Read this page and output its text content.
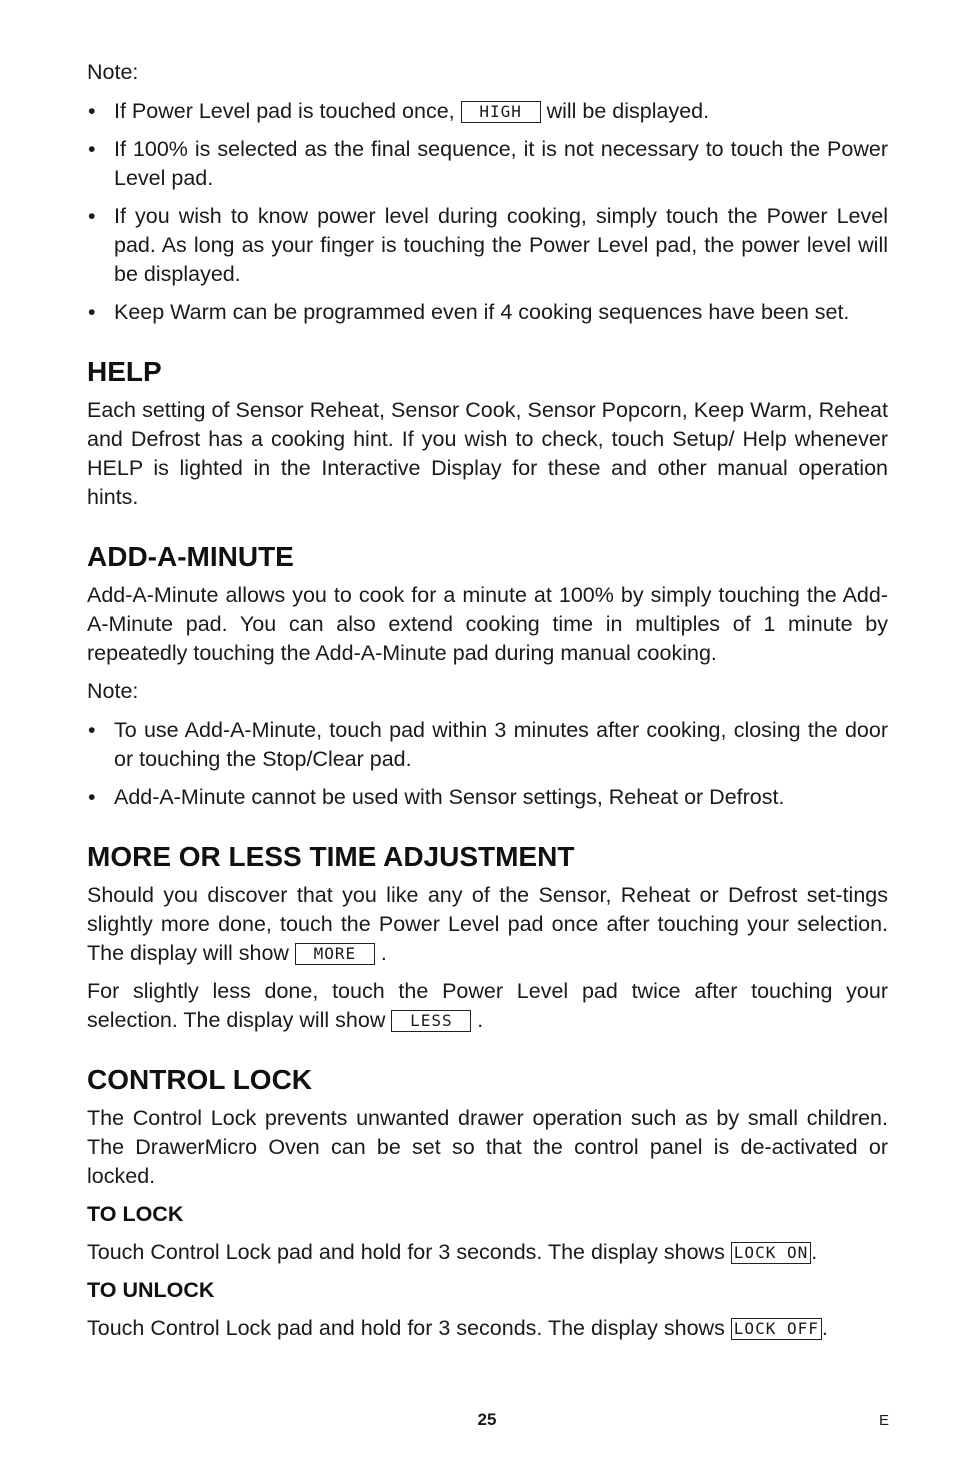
Note:

• If Power Level pad is touched once, HIGH will be displayed.
• If 100% is selected as the final sequence, it is not necessary to touch the Power Level pad.
• If you wish to know power level during cooking, simply touch the Power Level pad. As long as your finger is touching the Power Level pad, the power level will be displayed.
• Keep Warm can be programmed even if 4 cooking sequences have been set.
HELP

Each setting of Sensor Reheat, Sensor Cook, Sensor Popcorn, Keep Warm, Reheat and Defrost has a cooking hint. If you wish to check, touch Setup/ Help whenever HELP is lighted in the Interactive Display for these and other manual operation hints.

ADD-A-MINUTE

Add-A-Minute allows you to cook for a minute at 100% by simply touching the Add-A-Minute pad. You can also extend cooking time in multiples of 1 minute by repeatedly touching the Add-A-Minute pad during manual cooking.

Note:

• To use Add-A-Minute, touch pad within 3 minutes after cooking, closing the door or touching the Stop/Clear pad.
• Add-A-Minute cannot be used with Sensor settings, Reheat or Defrost.
MORE OR LESS TIME ADJUSTMENT

Should you discover that you like any of the Sensor, Reheat or Defrost set-tings slightly more done, touch the Power Level pad once after touching your selection. The display will show MORE .

For slightly less done, touch the Power Level pad twice after touching your selection. The display will show LESS .

CONTROL LOCK

The Control Lock prevents unwanted drawer operation such as by small children. The DrawerMicro Oven can be set so that the control panel is de-activated or locked.

TO LOCK

Touch Control Lock pad and hold for 3 seconds. The display shows LOCK ON .

TO UNLOCK

Touch Control Lock pad and hold for 3 seconds. The display shows LOCK OFF .

25	E
